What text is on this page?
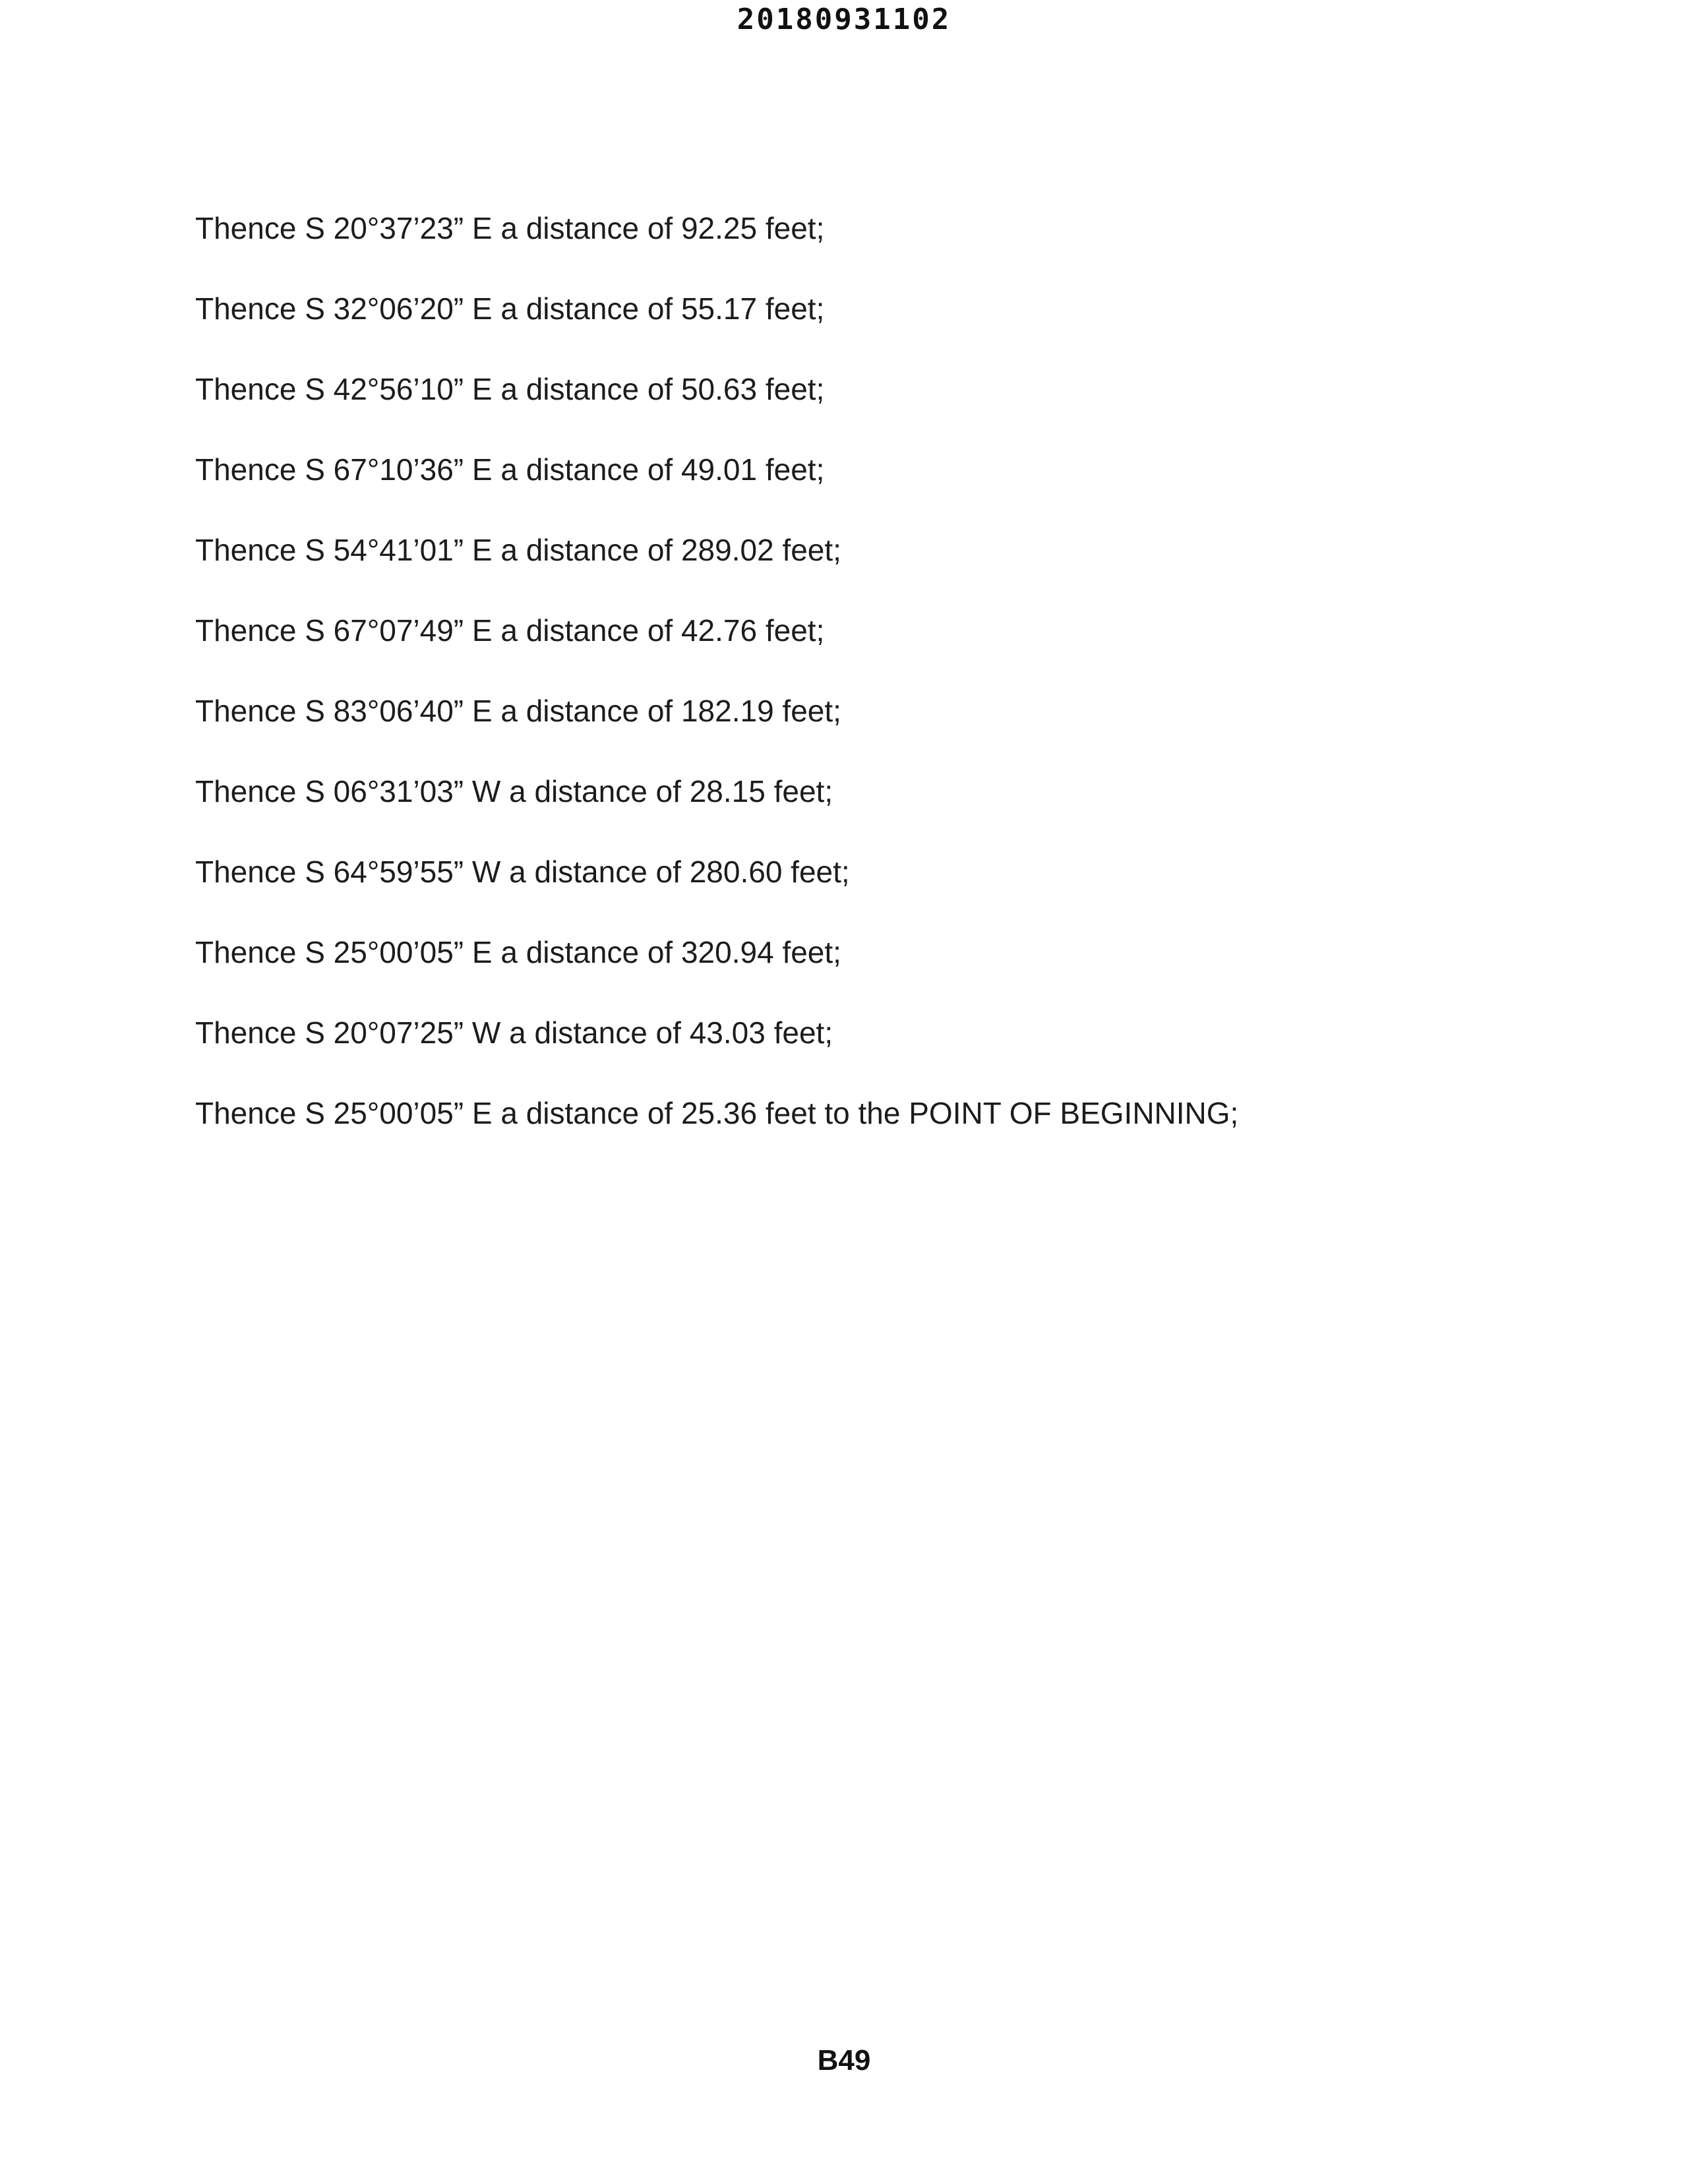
20180931102
Thence S 20°37’23” E a distance of 92.25 feet;
Thence S 32°06’20” E a distance of 55.17 feet;
Thence S 42°56’10” E a distance of 50.63 feet;
Thence S 67°10’36” E a distance of 49.01 feet;
Thence S 54°41’01” E a distance of 289.02 feet;
Thence S 67°07’49” E a distance of 42.76 feet;
Thence S 83°06’40” E a distance of 182.19 feet;
Thence S 06°31’03” W a distance of 28.15 feet;
Thence S 64°59’55” W a distance of 280.60 feet;
Thence S 25°00’05” E a distance of 320.94 feet;
Thence S 20°07’25” W a distance of 43.03 feet;
Thence S 25°00’05” E a distance of 25.36 feet to the POINT OF BEGINNING;
B49
